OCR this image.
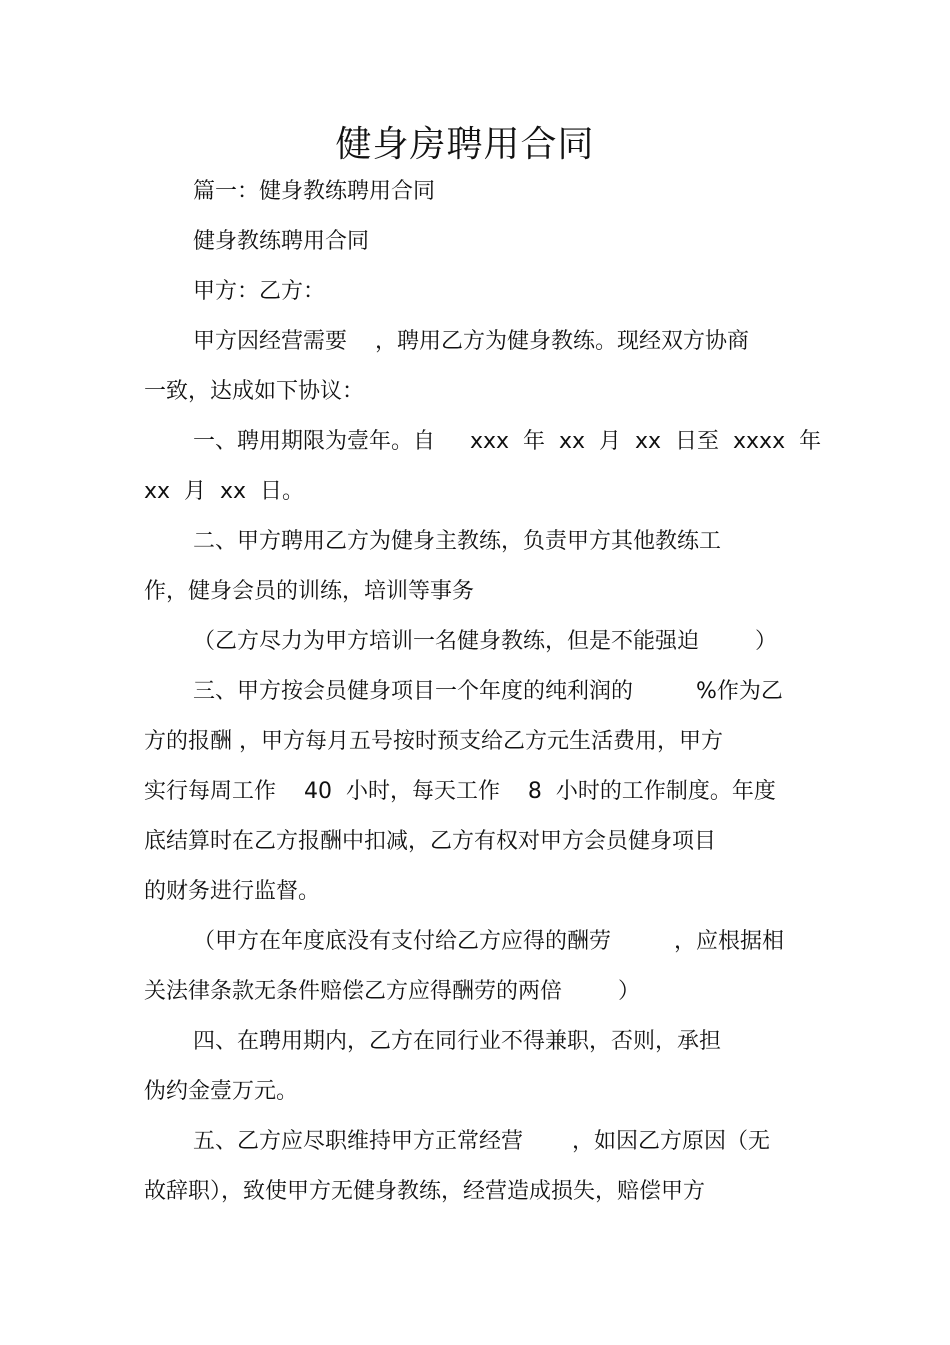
健身房聘用合同

篇一：健身教练聘用合同

健身教练聘用合同

甲方：乙方：

甲方因经营需要    ，聘用乙方为健身教练。现经双方协商

一致，达成如下协议：

一、聘用期限为壹年。自     xxx  年  xx  月  xx  日至  xxxx  年

xx  月  xx  日。

二、甲方聘用乙方为健身主教练，负责甲方其他教练工

作，健身会员的训练，培训等事务

（乙方尽力为甲方培训一名健身教练，但是不能强迫        ）

三、甲方按会员健身项目一个年度的纯利润的         %作为乙

方的报酬 ，甲方每月五号按时预支给乙方元生活费用，甲方

实行每周工作    40  小时，每天工作    8  小时的工作制度。年度

底结算时在乙方报酬中扣减，乙方有权对甲方会员健身项目

的财务进行监督。

（甲方在年度底没有支付给乙方应得的酬劳         ，应根据相

关法律条款无条件赔偿乙方应得酬劳的两倍        ）

四、在聘用期内，乙方在同行业不得兼职，否则，承担

伪约金壹万元。

五、乙方应尽职维持甲方正常经营       ，如因乙方原因（无

故辞职），致使甲方无健身教练，经营造成损失，赔偿甲方
